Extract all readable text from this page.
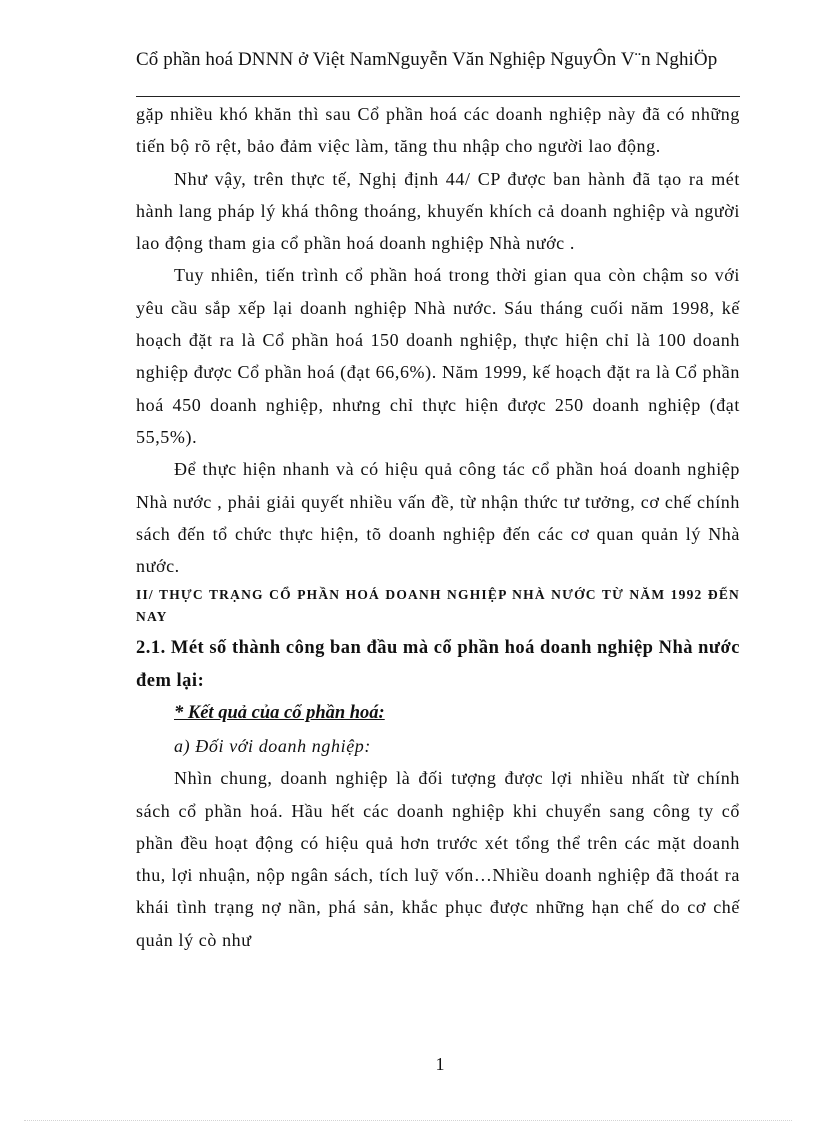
Cổ phần hoá DNNN ở Việt NamNguyễn Văn Nghiệp NguyÔn V¨n NghiÖp

gặp nhiều khó khăn thì sau Cổ phần hoá các doanh nghiệp này đã có những tiến bộ rõ rệt, bảo đảm việc làm, tăng thu nhập cho người lao động.

Như vậy, trên thực tế, Nghị định 44/ CP được ban hành đã tạo ra mét hành lang pháp lý khá thông thoáng, khuyến khích cả doanh nghiệp và người lao động tham gia cổ phần hoá doanh nghiệp Nhà nước .

Tuy nhiên, tiến trình cổ phần hoá trong thời gian qua còn chậm so với yêu cầu sắp xếp lại doanh nghiệp Nhà nước. Sáu tháng cuối năm 1998, kế hoạch đặt ra là Cổ phần hoá 150 doanh nghiệp, thực hiện chỉ là 100 doanh nghiệp được Cổ phần hoá (đạt 66,6%). Năm 1999, kế hoạch đặt ra là Cổ phần hoá 450 doanh nghiệp, nhưng chỉ thực hiện được 250 doanh nghiệp (đạt 55,5%).

Để thực hiện nhanh và có hiệu quả công tác cổ phần hoá doanh nghiệp Nhà nước , phải giải quyết nhiều vấn đề, từ nhận thức tư tưởng, cơ chế chính sách đến tổ chức thực hiện, tõ doanh nghiệp đến các cơ quan quản lý Nhà nước.

II/ THỰC TRẠNG CỔ PHẦN HOÁ DOANH NGHIỆP NHÀ NƯỚC TỪ NĂM 1992 ĐẾN NAY

2.1. Mét số thành công ban đầu mà cổ phần hoá doanh nghiệp Nhà nước đem lại:

* Kết quả của cổ phần hoá:

a) Đối với doanh nghiệp:

Nhìn chung, doanh nghiệp là đối tượng được lợi nhiều nhất từ chính sách cổ phần hoá. Hầu hết các doanh nghiệp khi chuyển sang công ty cổ phần đều hoạt động có hiệu quả hơn trước xét tổng thể trên các mặt doanh thu, lợi nhuận, nộp ngân sách, tích luỹ vốn…Nhiều doanh nghiệp đã thoát ra khái tình trạng nợ nần, phá sản, khắc phục được những hạn chế do cơ chế quản lý cò như

1
